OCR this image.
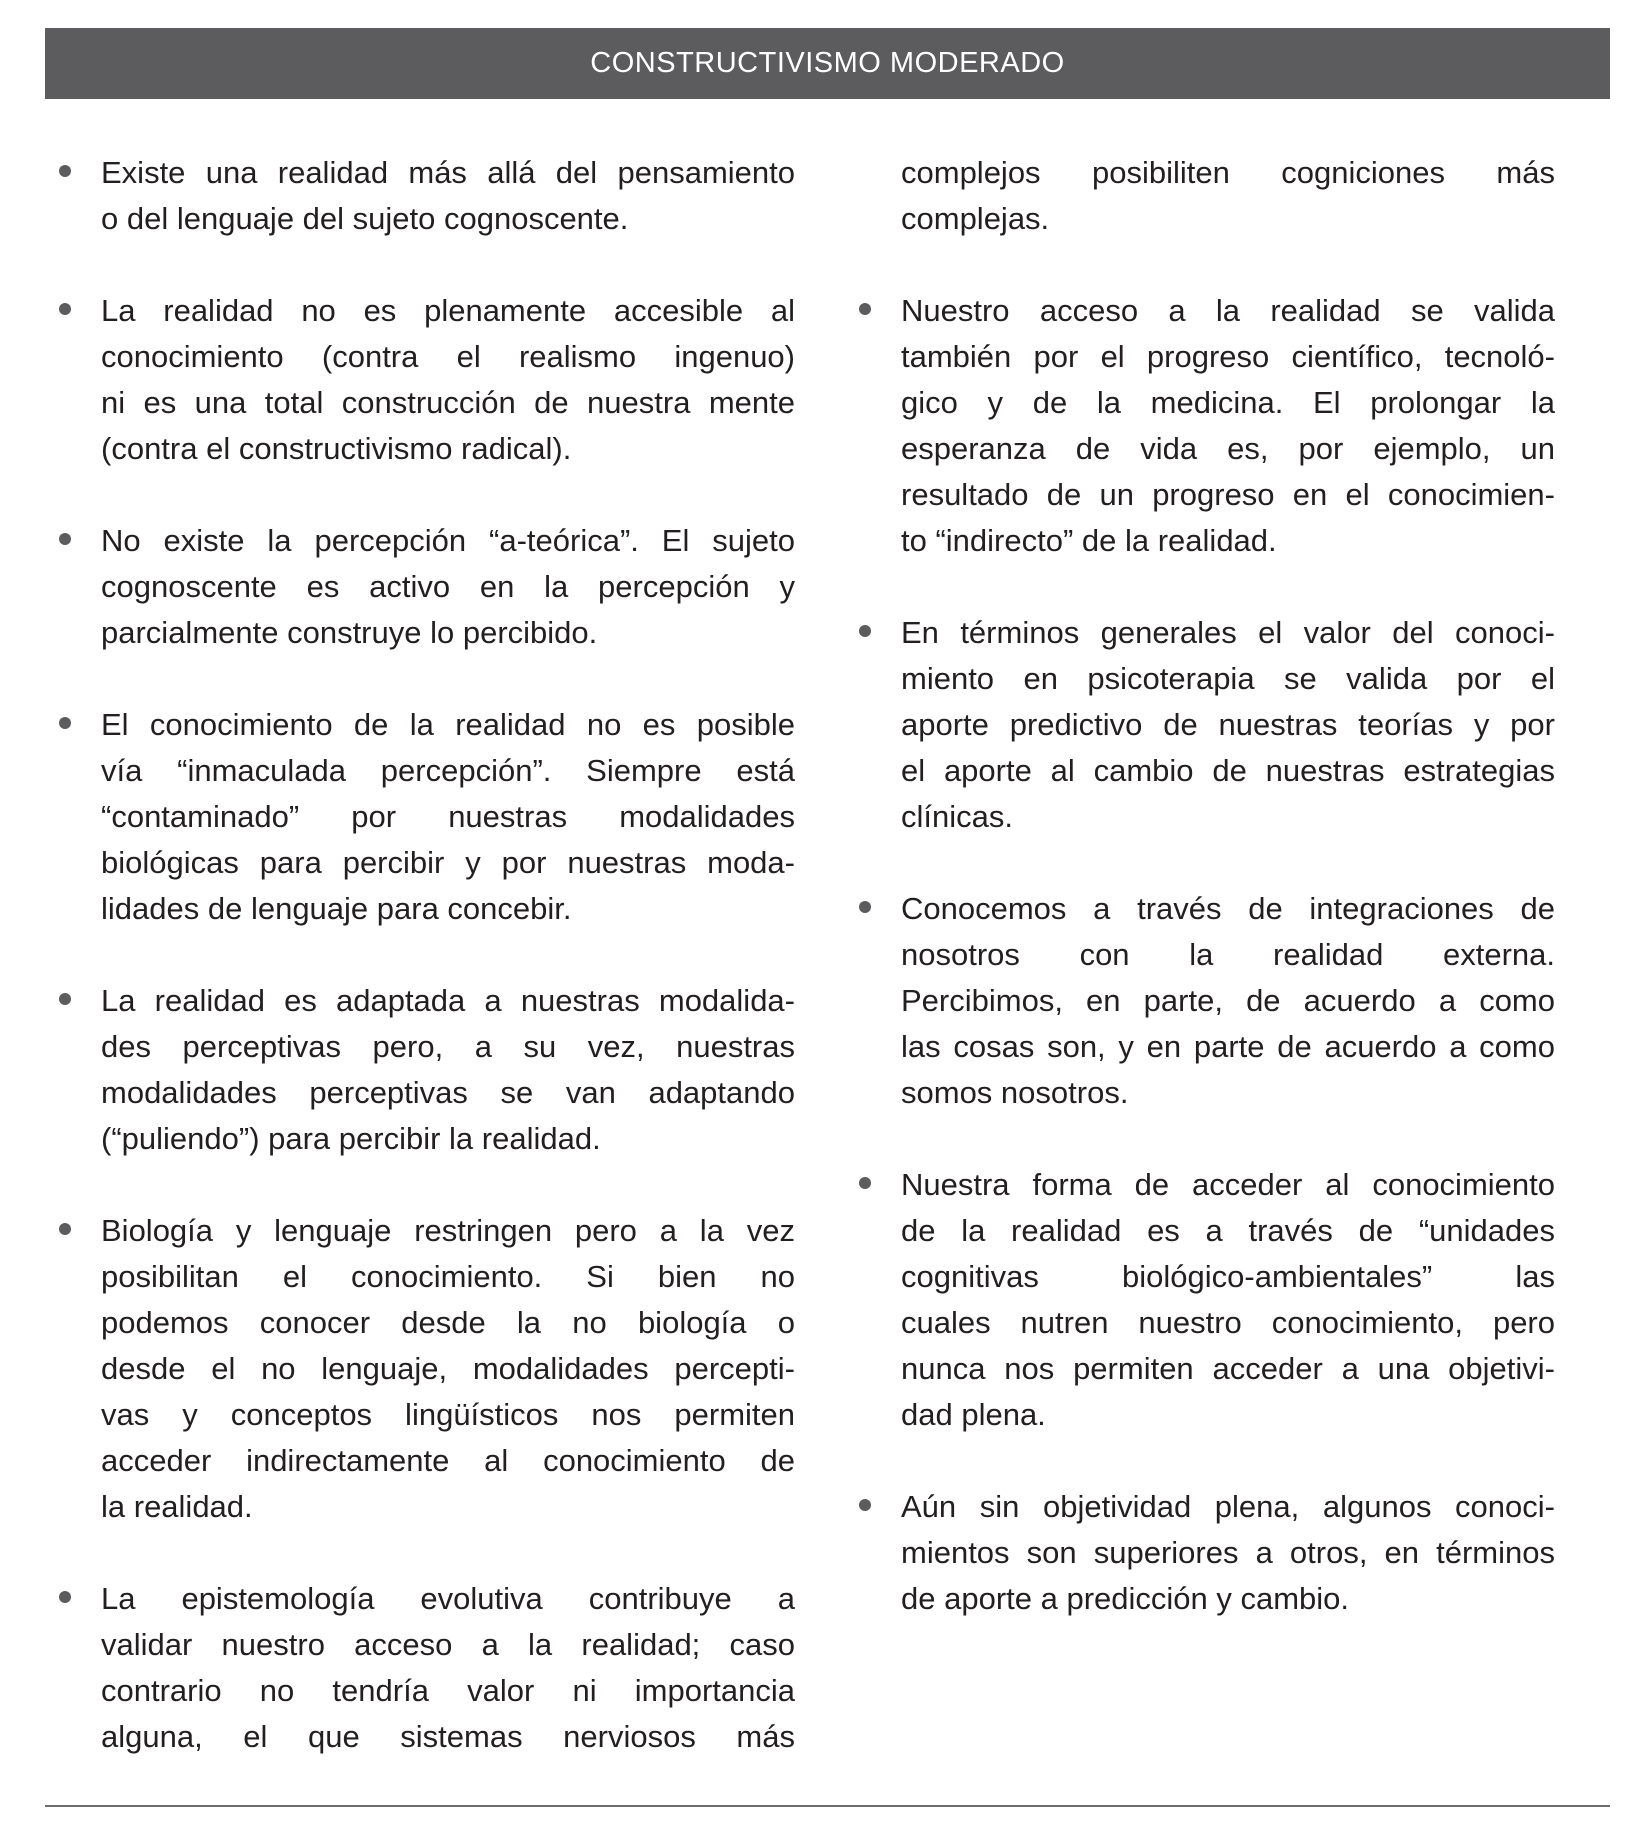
CONSTRUCTIVISMO MODERADO
Existe una realidad más allá del pensamiento
o del lenguaje del sujeto cognoscente.
La realidad no es plenamente accesible al
conocimiento (contra el realismo ingenuo)
ni es una total construcción de nuestra mente
(contra el constructivismo radical).
No existe la percepción “a-teórica”. El sujeto
cognoscente es activo en la percepción y
parcialmente construye lo percibido.
El conocimiento de la realidad no es posible
vía “inmaculada percepción”. Siempre está
“contaminado” por nuestras modalidades
biológicas para percibir y por nuestras moda-
lidades de lenguaje para concebir.
La realidad es adaptada a nuestras modalida-
des perceptivas pero, a su vez, nuestras
modalidades perceptivas se van adaptando
(“puliendo”) para percibir la realidad.
Biología y lenguaje restringen pero a la vez
posibilitan el conocimiento. Si bien no
podemos conocer desde la no biología o
desde el no lenguaje, modalidades percepti-
vas y conceptos lingüísticos nos permiten
acceder indirectamente al conocimiento de
la realidad.
La epistemología evolutiva contribuye a
validar nuestro acceso a la realidad; caso
contrario no tendría valor ni importancia
alguna, el que sistemas nerviosos más
complejos posibiliten cogniciones más
complejas.
Nuestro acceso a la realidad se valida
también por el progreso científico, tecnoló-
gico y de la medicina. El prolongar la
esperanza de vida es, por ejemplo, un
resultado de un progreso en el conocimien-
to “indirecto” de la realidad.
En términos generales el valor del conoci-
miento en psicoterapia se valida por el
aporte predictivo de nuestras teorías y por
el aporte al cambio de nuestras estrategias
clínicas.
Conocemos a través de integraciones de
nosotros con la realidad externa.
Percibimos, en parte, de acuerdo a como
las cosas son, y en parte de acuerdo a como
somos nosotros.
Nuestra forma de acceder al conocimiento
de la realidad es a través de “unidades
cognitivas biológico-ambientales” las
cuales nutren nuestro conocimiento, pero
nunca nos permiten acceder a una objetivi-
dad plena.
Aún sin objetividad plena, algunos conoci-
mientos son superiores a otros, en términos
de aporte a predicción y cambio.
